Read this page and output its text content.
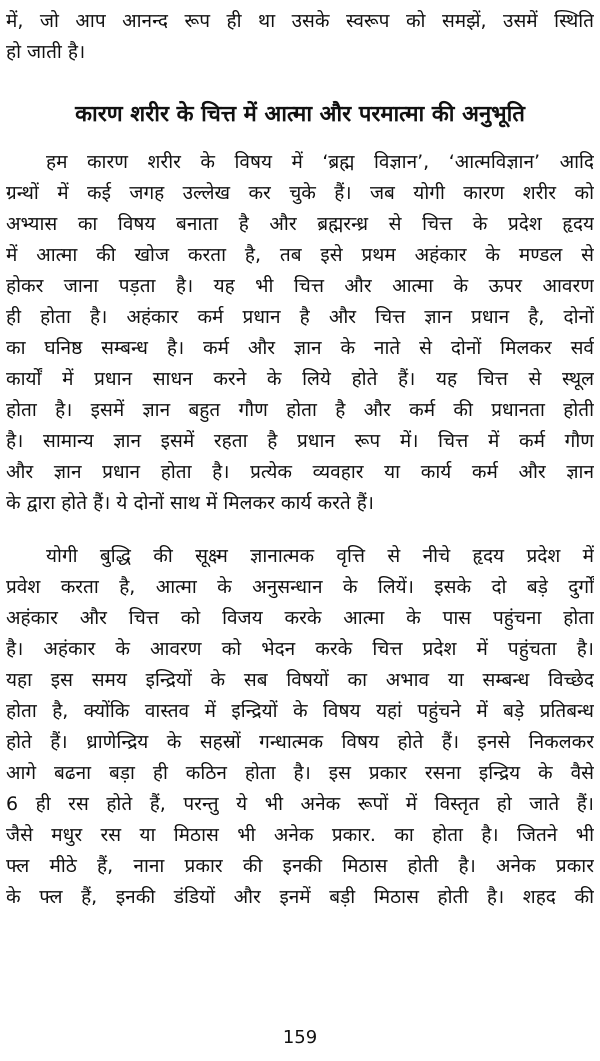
में, जो आप आनन्द रूप ही था उसके स्वरूप को समझें, उसमें स्थिति
हो जाती है।
कारण शरीर के चित्त में आत्मा और परमात्मा की अनुभूति
हम कारण शरीर के विषय में ‘ब्रह्म विज्ञान’, ‘आत्मविज्ञान’ आदि
ग्रन्थों में कई जगह उल्लेख कर चुके हैं। जब योगी कारण शरीर को
अभ्यास का विषय बनाता है और ब्रह्मरन्ध्र से चित्त के प्रदेश हृदय
में आत्मा की खोज करता है, तब इसे प्रथम अहंकार के मण्डल से
होकर जाना पड़ता है। यह भी चित्त और आत्मा के ऊपर आवरण
ही होता है। अहंकार कर्म प्रधान है और चित्त ज्ञान प्रधान है, दोनों
का घनिष्ठ सम्बन्ध है। कर्म और ज्ञान के नाते से दोनों मिलकर सर्व
कार्यों में प्रधान साधन करने के लिये होते हैं। यह चित्त से स्थूल
होता है। इसमें ज्ञान बहुत गौण होता है और कर्म की प्रधानता होती
है। सामान्य ज्ञान इसमें रहता है प्रधान रूप में। चित्त में कर्म गौण
और ज्ञान प्रधान होता है। प्रत्येक व्यवहार या कार्य कर्म और ज्ञान
के द्वारा होते हैं। ये दोनों साथ में मिलकर कार्य करते हैं।
योगी बुद्धि की सूक्ष्म ज्ञानात्मक वृत्ति से नीचे हृदय प्रदेश में
प्रवेश करता है, आत्मा के अनुसन्धान के लियें। इसके दो बड़े दुर्गों
अहंकार और चित्त को विजय करके आत्मा के पास पहुंचना होता
है। अहंकार के आवरण को भेदन करके चित्त प्रदेश में पहुंचता है।
यहा इस समय इन्द्रियों के सब विषयों का अभाव या सम्बन्ध विच्छेद
होता है, क्योंकि वास्तव में इन्द्रियों के विषय यहां पहुंचने में बड़े प्रतिबन्ध
होते हैं। ध्राणेन्द्रिय के सहस्रों गन्धात्मक विषय होते हैं। इनसे निकलकर
आगे बढना बड़ा ही कठिन होता है। इस प्रकार रसना इन्द्रिय के वैसे
6 ही रस होते हैं, परन्तु ये भी अनेक रूपों में विस्तृत हो जाते हैं।
जैसे मधुर रस या मिठास भी अनेक प्रकार. का होता है। जितने भी
फ्ल मीठे हैं, नाना प्रकार की इनकी मिठास होती है। अनेक प्रकार
के फ्ल हैं, इनकी डंडियों और इनमें बड़ी मिठास होती है। शहद की
159
